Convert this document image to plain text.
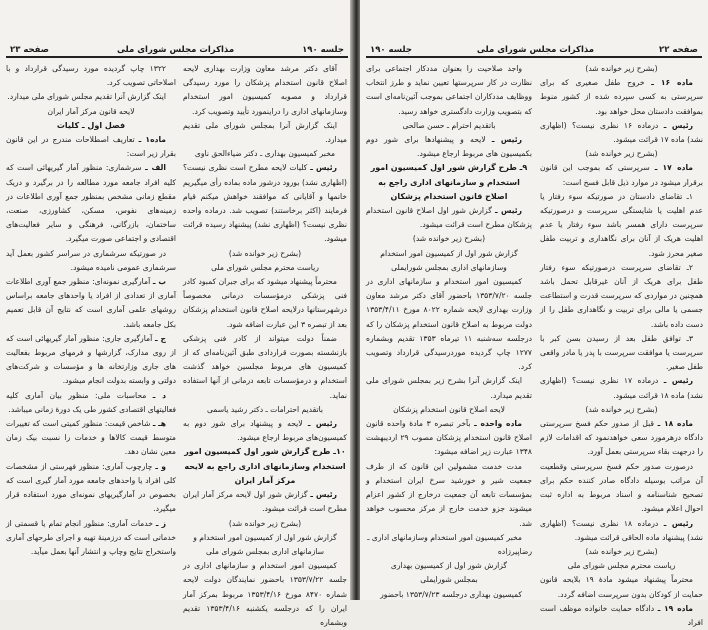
جلسه ۱۹۰
مذاکرات مجلس شورای ملی
صفحه ۲۳

آقای دکتر مرشد معاون وزارت بهداری لایحه اصلاح قانون استخدام پزشکان را مورد رسیدگی قرارداد و مصوبه کمیسیون امور استخدام وسازمانهای اداری را دراینمورد تأیید وتصویب کرد.

اینک گزارش آنرا بمجلس شورای ملی تقدیم میدارد.

مخبر کمیسیون بهداری ـ دکتر ضیاءالحق ناوی

رئیس ـ کلیات لایحه مطرح است نظری نیست؟ (اظهاری نشد) بورود درشور ماده بماده رأی میگیریم خانمها و آقایانی که موافقند خواهش میکنم قیام فرمایند (اکثر برخاستند) تصویب شد. درماده واحده نظری نیست؟ (اظهاری نشد) پیشنهاد رسیده قرائت میشود.

(بشرح زیر خوانده شد)

ریاست محترم مجلس شورای ملی

محترماً پیشنهاد میشود که برای جبران کمبود کادر فنی پزشکی درمؤسسات درمانی مخصوصاً درشهرستانها درلایحه اصلاح قانون استخدام پزشکان بعد از تبصره ۳ این عبارت اضافه شود.

ضمناً دولت میتواند از کادر فنی پزشکی بازنشسته بصورت قراردادی طبق آئین‌نامه‌ای که از کمیسیون های مربوط مجلسین خواهد گذشت استخدام و درمؤسسات تابعه درمانی از آنها استفاده نماید.

باتقدیم احترامات ـ دکتر رشید یاسمی

رئیس ـ لایحه و پیشنهاد برای شور دوم به کمیسیون‌های مربوط ارجاع میشود.

۱۰ـ طرح گزارش شور اول کمیسیون امور استخدام وسازمانهای اداری راجع به لایحه مرکز آمار ایران

رئیس ـ گزارش شور اول لایحه مرکز آمار ایران مطرح است قرائت میشود.

(بشرح زیر خوانده شد)

گزارش شور اول از کمیسیون امور استخدام و سازمانهای اداری بمجلس شورای ملی

کمیسیون امور استخدام و سازمانهای اداری در جلسه ۱۳۵۳/۷/۲۲ باحضور نمایندگان دولت لایحه شماره ۸۴۷۰ مورخ ۱۳۵۳/۴/۱۶ مربوط بمرکز آمار ایران را که درجلسه یکشنبه ۱۳۵۳/۴/۱۶ تقدیم وبشماره

۱۳۲۲ چاپ گردیده مورد رسیدگی قرارداد و با اصلاحاتی تصویب کرد.

اینک گزارش آنرا تقدیم مجلس شورای ملی میدارد.

لایحه قانون مرکز آمار ایران

فصل اول ـ کلیات

ماده۱ ـ تعاریف اصطلاحات مندرج در این قانون بقرار زیر است:

الف ـ سرشماری: منظور آمار گیریهائی است که کلیه افراد جامعه مورد مطالعه را در برگیرد و دریک مقطع زمانی مشخص بمنظور جمع آوری اطلاعات در زمینه‌های نفوس، مسکن، کشاورزی، صنعت، ساختمان، بازرگانی، فرهنگی و سایر فعالیت‌های اقتصادی و اجتماعی صورت میگیرد.

در صورتیکه سرشماری در سراسر کشور بعمل آید سرشماری عمومی نامیده میشود.

ب ـ آمارگیری نمونه‌ای: منظور جمع آوری اطلاعات آماری از تعدادی از افراد یا واحدهای جامعه براساس روشهای علمی آماری است که نتایج آن قابل تعمیم بکل جامعه باشد.

ج ـ آمارگیری جاری: منظور آمار گیریهائی است که از روی مدارک، گزارشها و فرمهای مربوط بفعالیت های جاری وزارتخانه ها و مؤسسات و شرکت‌های دولتی و وابسته بدولت انجام میشود.

د ـ محاسبات ملی: منظور بیان آماری کلیه فعالیتهای اقتصادی کشور طی یک دورهٔ زمانی میباشد.

هـ ـ شاخص قیمت: منظور کمیتی است که تغییرات متوسط قیمت کالاها و خدمات را نسبت بیک زمان معین نشان دهد.

و ـ چارچوب آماری: منظور فهرستی از مشخصات کلی افراد یا واحدهای جامعه مورد آمار گیری است که بخصوص در آمارگیریهای نمونه‌ای مورد استفاده قرار میگیرد.

ز ـ خدمات آماری: منظور انجام تمام یا قسمتی از خدماتی است که درزمینهٔ تهیه و اجرای طرحهای آماری واستخراج نتایج وچاپ و انتشار آنها بعمل میآید.

صفحه ۲۲
مذاکرات مجلس شورای ملی
جلسه ۱۹۰

(بشرح زیر خوانده شد)

ماده ۱۶ ـ خروج طفل صغیری که برای سرپرستی به کسی سپرده شده از کشور منوط بموافقت دادستان محل خواهد بود.

رئیس ـ درماده ۱۶ نظری نیست؟ (اظهاری نشد) ماده ۱۷ قرائت میشود.

(بشرح زیر خوانده شد)

ماده ۱۷ ـ سرپرستی که بموجب این قانون برقرار میشود در موارد ذیل قابل فسخ است:

۱ـ تقاضای دادستان در صورتیکه سوء رفتار یا عدم اهلیت یا شایستگی سرپرست و درصورتیکه سرپرست دارای همسر باشد سوء رفتار یا عدم اهلیت هریک از آنان برای نگاهداری و تربیت طفل صغیر محرز شود.

۲ـ تقاضای سرپرست درصورتیکه سوء رفتار طفل برای هریک از آنان غیرقابل تحمل باشد همچنین در مواردی که سرپرست قدرت و استطاعت جسمی یا مالی برای تربیت و نگاهداری طفل را از دست داده باشد.

۳ـ توافق طفل بعد از رسیدن بسن کبر با سرپرست یا موافقت سرپرست با پدر یا مادر واقعی طفل صغیر.

رئیس ـ درماده ۱۷ نظری نیست؟ (اظهاری نشد) ماده ۱۸ قرائت میشود.

(بشرح زیر خوانده شد)

ماده ۱۸ ـ قبل از صدور حکم فسخ سرپرستی دادگاه درهرمورد سعی خواهدنمود که اقدامات لازم را درجهت بقاء سرپرستی بعمل آورد.

درصورت صدور حکم فسخ سرپرستی وقطعیت آن مراتب بوسیله دادگاه صادر کننده حکم برای تصحیح شناسنامه و اسناد مربوط به اداره ثبت احوال اعلام میشود.

رئیس ـ درماده ۱۸ نظری نیست؟ (اظهاری نشد) پیشنهاد ماده الحاقی قرائت میشود.

(بشرح زیر خوانده شد)

ریاست محترم مجلس شورای ملی

محترماً پیشنهاد میشود مادهٔ ۱۹ بلایحه قانون حمایت از کودکان بدون سرپرست اضافه گردد.

ماده ۱۹ ـ دادگاه حمایت خانواده موظف است افراد

واجد صلاحیت را بعنوان مددکار اجتماعی برای نظارت در کار سرپرستها تعیین نماید و طرز انتخاب ووظایف مددکاران اجتماعی بموجب آئین‌نامه‌ای است که بتصویب وزارت دادگستری خواهد رسید.

باتقدیم احترام ـ حسن صالحی

رئیس ـ لایحه و پیشنهادها برای شور دوم بکمیسیون های مربوط ارجاع میشود.

۹ـ طرح گزارش شور اول کمیسیون امور استخدام و سازمانهای اداری راجع به اصلاح قانون استخدام پزشکان

رئیس ـ گزارش شور اول اصلاح قانون استخدام پزشکان مطرح است قرائت میشود.

(بشرح زیر خوانده شد)

گزارش شور اول از کمیسیون امور استخدام وسازمانهای اداری بمجلس شورایملی

کمیسیون امور استخدام و سازمانهای اداری در جلسه ۱۳۵۳/۷/۲۰ باحضور آقای دکتر مرشد معاون وزارت بهداری لایحه شماره ۸۰۲۲ مورخ ۱۳۵۳/۴/۱۱ دولت مربوط به اصلاح قانون استخدام پزشکان را که درجلسه سه‌شنبه ۱۱ تیرماه ۱۳۵۳ تقدیم وبشماره ۱۲۷۷ چاپ گردیده موردرسیدگی قرارداد وتصویب کرد.

اینک گزارش آنرا بشرح زیر بمجلس شورای ملی تقدیم میدارد.

لایحه اصلاح قانون استخدام پزشکان

ماده واحده ـ بآخر تبصره ۳ مادهٔ واحده قانون اصلاح قانون استخدام پزشکان مصوب ۲۹ اردیبهشت ۱۳۴۸ عبارت زیر اضافه میشود:

مدت خدمت مشمولین این قانون که از طرف جمعیت شیر و خورشید سرخ ایران استخدام و بمؤسسات تابعه آن جمعیت درخارج از کشور اعزام میشوند جزو خدمت خارج از مرکز محسوب خواهد شد.

مخبر کمیسیون امور استخدام وسازمانهای اداری ـ رضاپیرزاده

گزارش شور اول از کمیسیون بهداری

بمجلس شورایملی

کمیسیون بهداری درجلسه ۱۳۵۳/۷/۲۳ باحضور
